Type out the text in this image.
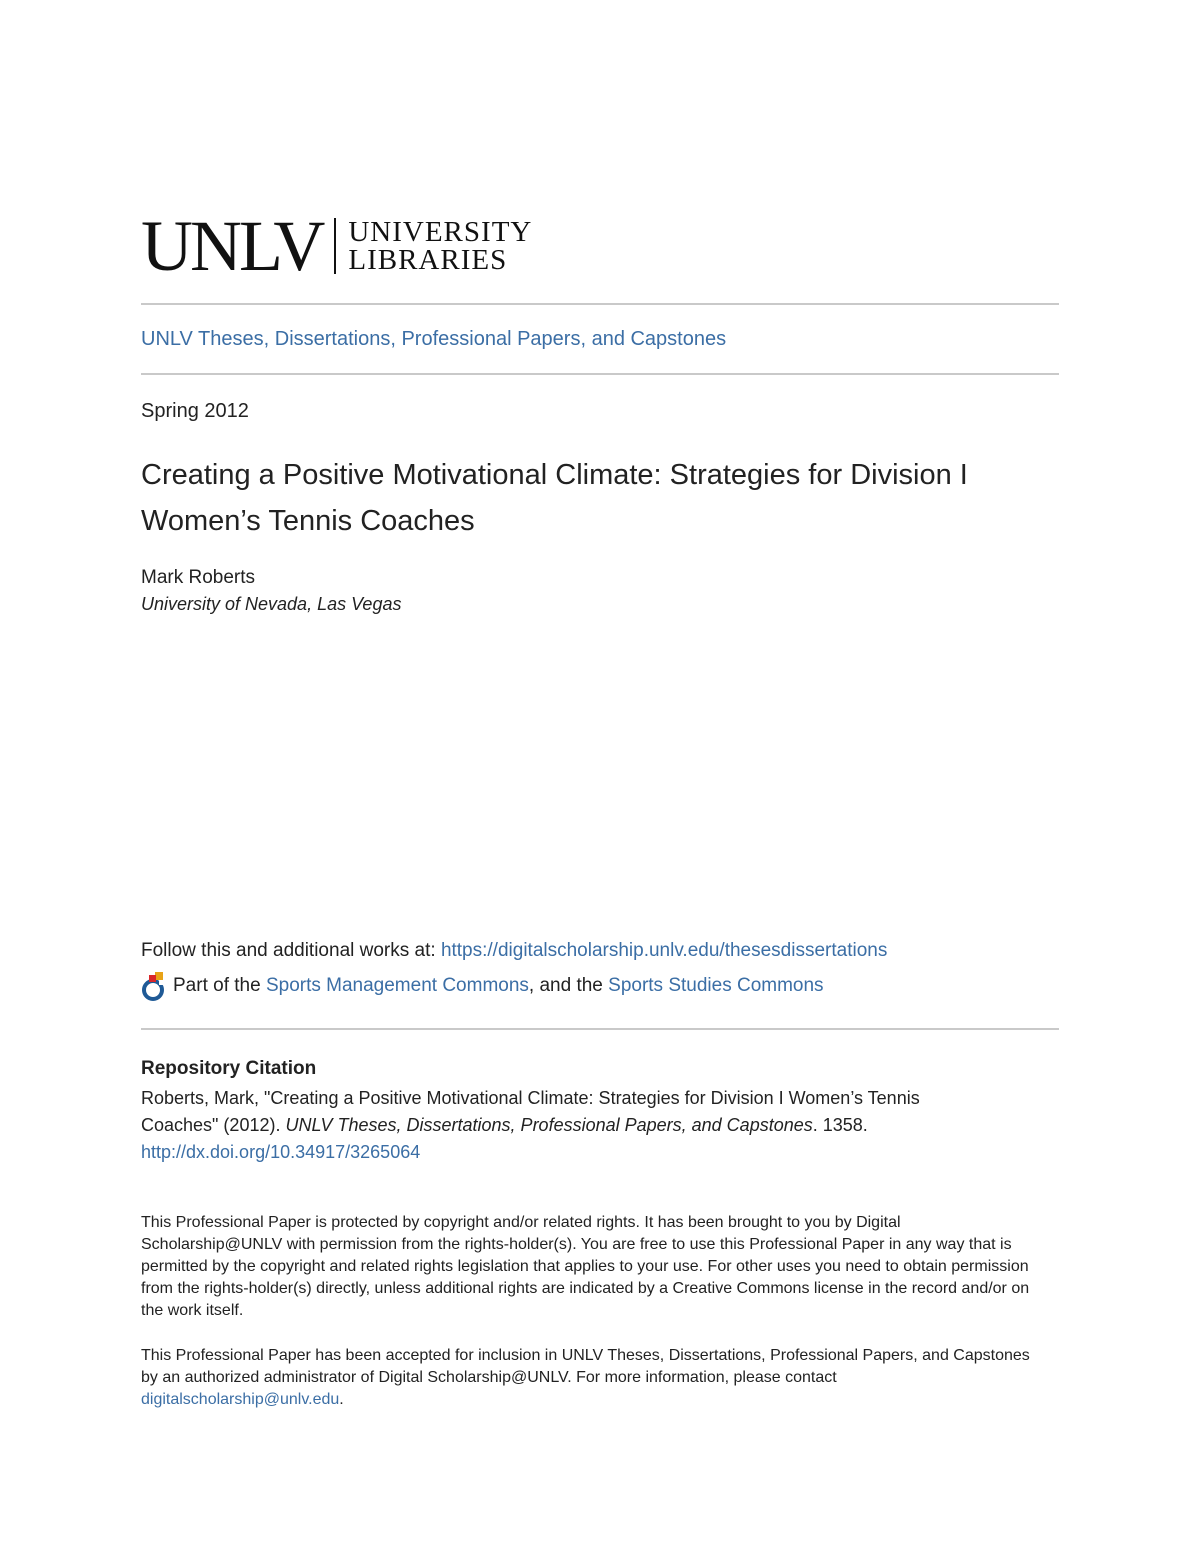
UNLV UNIVERSITY
LIBRARIES
UNLV Theses, Dissertations, Professional Papers, and Capstones
Spring 2012
Creating a Positive Motivational Climate: Strategies for Division I Women’s Tennis Coaches
Mark Roberts
University of Nevada, Las Vegas
Follow this and additional works at: https://digitalscholarship.unlv.edu/thesesdissertations
Part of the
Sports Management Commons , and the Sports Studies Commons
Repository Citation
Roberts, Mark, "Creating a Positive Motivational Climate: Strategies for Division I Women’s Tennis Coaches" (2012). UNLV Theses, Dissertations, Professional Papers, and Capstones. 1358.
http://dx.doi.org/10.34917/3265064
This Professional Paper is protected by copyright and/or related rights. It has been brought to you by Digital Scholarship@UNLV with permission from the rights-holder(s). You are free to use this Professional Paper in any way that is permitted by the copyright and related rights legislation that applies to your use. For other uses you need to obtain permission from the rights-holder(s) directly, unless additional rights are indicated by a Creative Commons license in the record and/or on the work itself.
This Professional Paper has been accepted for inclusion in UNLV Theses, Dissertations, Professional Papers, and Capstones by an authorized administrator of Digital Scholarship@UNLV. For more information, please contact digitalscholarship@unlv.edu.
